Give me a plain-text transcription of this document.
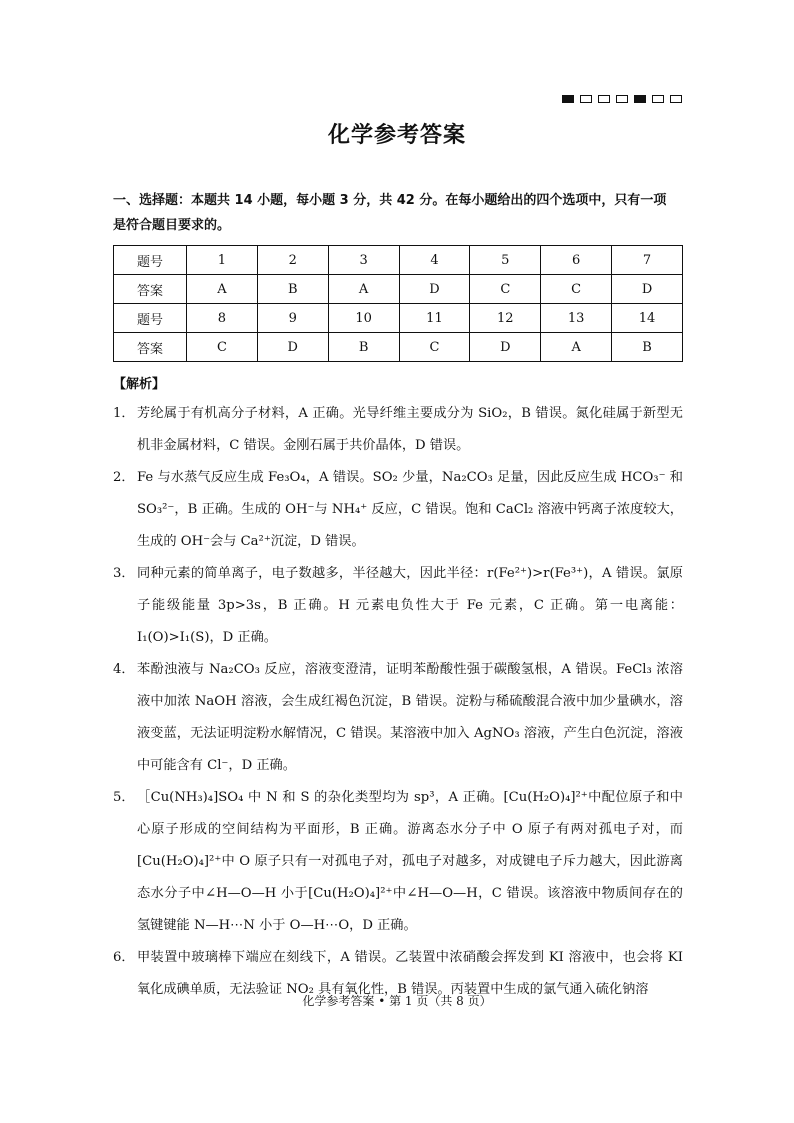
化学参考答案
一、选择题：本题共 14 小题，每小题 3 分，共 42 分。在每小题给出的四个选项中，只有一项
是符合题目要求的。
题号	1	2	3	4	5	6	7
答案	A	B	A	D	C	C	D
题号	8	9	10	11	12	13	14
答案	C	D	B	C	D	A	B
【解析】
1． 芳纶属于有机高分子材料，A 正确。光导纤维主要成分为 SiO₂，B 错误。氮化硅属于新型无机非金属材料，C 错误。金刚石属于共价晶体，D 错误。
2． Fe 与水蒸气反应生成 Fe₃O₄，A 错误。SO₂ 少量，Na₂CO₃ 足量，因此反应生成 HCO₃⁻ 和 SO₃²⁻，B 正确。生成的 OH⁻与 NH₄⁺ 反应，C 错误。饱和 CaCl₂ 溶液中钙离子浓度较大，生成的 OH⁻会与 Ca²⁺沉淀，D 错误。
3． 同种元素的简单离子，电子数越多，半径越大，因此半径：r(Fe²⁺)>r(Fe³⁺)，A 错误。氯原子能级能量 3p>3s，B 正确。H 元素电负性大于 Fe 元素，C 正确。第一电离能：I₁(O)>I₁(S)，D 正确。
4． 苯酚浊液与 Na₂CO₃ 反应，溶液变澄清，证明苯酚酸性强于碳酸氢根，A 错误。FeCl₃ 浓溶液中加浓 NaOH 溶液，会生成红褐色沉淀，B 错误。淀粉与稀硫酸混合液中加少量碘水，溶液变蓝，无法证明淀粉水解情况，C 错误。某溶液中加入 AgNO₃ 溶液，产生白色沉淀，溶液中可能含有 Cl⁻，D 正确。
5． ［Cu(NH₃)₄]SO₄ 中 N 和 S 的杂化类型均为 sp³，A 正确。[Cu(H₂O)₄]²⁺中配位原子和中心原子形成的空间结构为平面形，B 正确。游离态水分子中 O 原子有两对孤电子对，而[Cu(H₂O)₄]²⁺中 O 原子只有一对孤电子对，孤电子对越多，对成键电子斥力越大，因此游离态水分子中∠H—O—H 小于[Cu(H₂O)₄]²⁺中∠H—O—H，C 错误。该溶液中物质间存在的氢键键能 N—H⋯N 小于 O—H⋯O，D 正确。
6． 甲装置中玻璃棒下端应在刻线下，A 错误。乙装置中浓硝酸会挥发到 KI 溶液中，也会将 KI 氧化成碘单质，无法验证 NO₂ 具有氧化性，B 错误。丙装置中生成的氯气通入硫化钠溶
化学参考答案 • 第 1 页（共 8 页）
